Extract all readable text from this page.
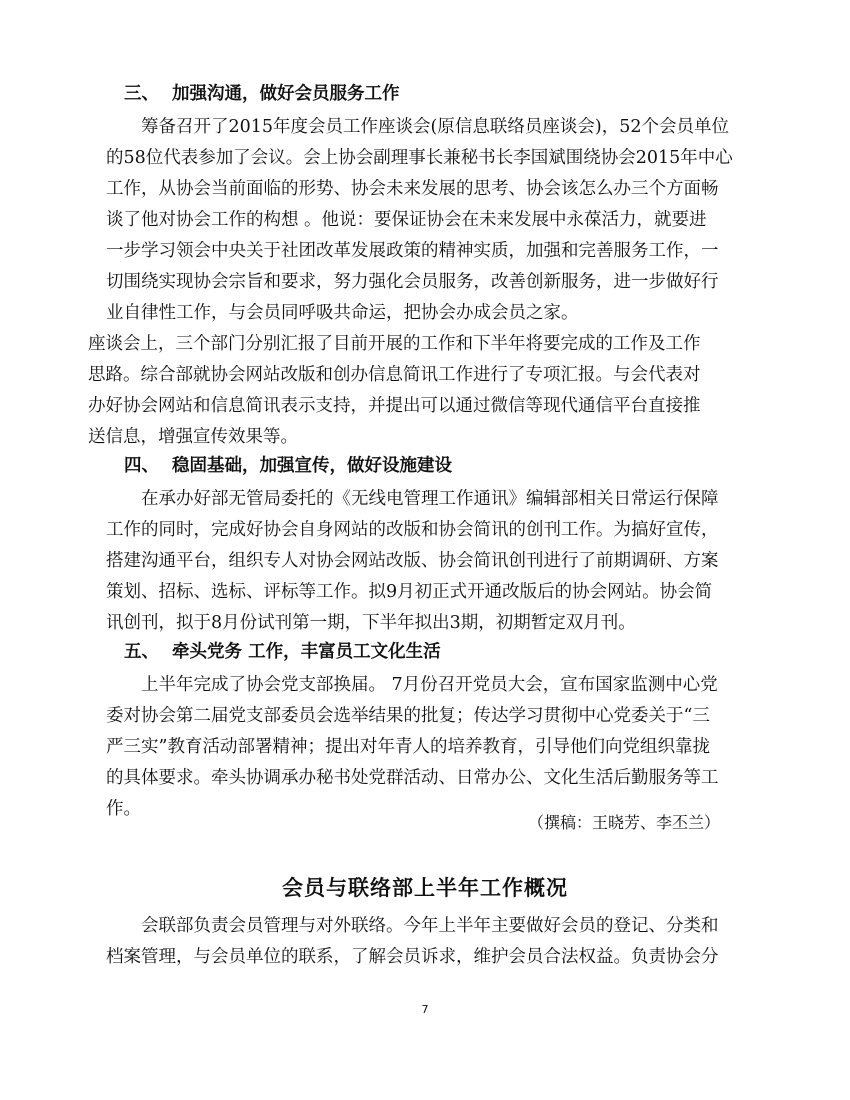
三、 加强沟通，做好会员服务工作
筹备召开了2015年度会员工作座谈会(原信息联络员座谈会)，52个会员单位
的58位代表参加了会议。会上协会副理事长兼秘书长李国斌围绕协会2015年中心
工作，从协会当前面临的形势、协会未来发展的思考、协会该怎么办三个方面畅
谈了他对协会工作的构想 。他说：要保证协会在未来发展中永葆活力，就要进
一步学习领会中央关于社团改革发展政策的精神实质，加强和完善服务工作，一
切围绕实现协会宗旨和要求，努力强化会员服务，改善创新服务，进一步做好行
业自律性工作，与会员同呼吸共命运，把协会办成会员之家。
座谈会上，三个部门分别汇报了目前开展的工作和下半年将要完成的工作及工作
思路。综合部就协会网站改版和创办信息简讯工作进行了专项汇报。与会代表对
办好协会网站和信息简讯表示支持，并提出可以通过微信等现代通信平台直接推
送信息，增强宣传效果等。
四、 稳固基础，加强宣传，做好设施建设
在承办好部无管局委托的《无线电管理工作通讯》编辑部相关日常运行保障
工作的同时，完成好协会自身网站的改版和协会简讯的创刊工作。为搞好宣传，
搭建沟通平台，组织专人对协会网站改版、协会简讯创刊进行了前期调研、方案
策划、招标、选标、评标等工作。拟9月初正式开通改版后的协会网站。协会简
讯创刊，拟于8月份试刊第一期，下半年拟出3期，初期暂定双月刊。
五、 牵头党务 工作，丰富员工文化生活
上半年完成了协会党支部换届。 7月份召开党员大会，宣布国家监测中心党
委对协会第二届党支部委员会选举结果的批复；传达学习贯彻中心党委关于“三
严三实”教育活动部署精神；提出对年青人的培养教育，引导他们向党组织靠拢
的具体要求。牵头协调承办秘书处党群活动、日常办公、文化生活后勤服务等工
作。
（撰稿：王晓芳、李丕兰）
会员与联络部上半年工作概况
会联部负责会员管理与对外联络。今年上半年主要做好会员的登记、分类和
档案管理，与会员单位的联系，了解会员诉求，维护会员合法权益。负责协会分
7
